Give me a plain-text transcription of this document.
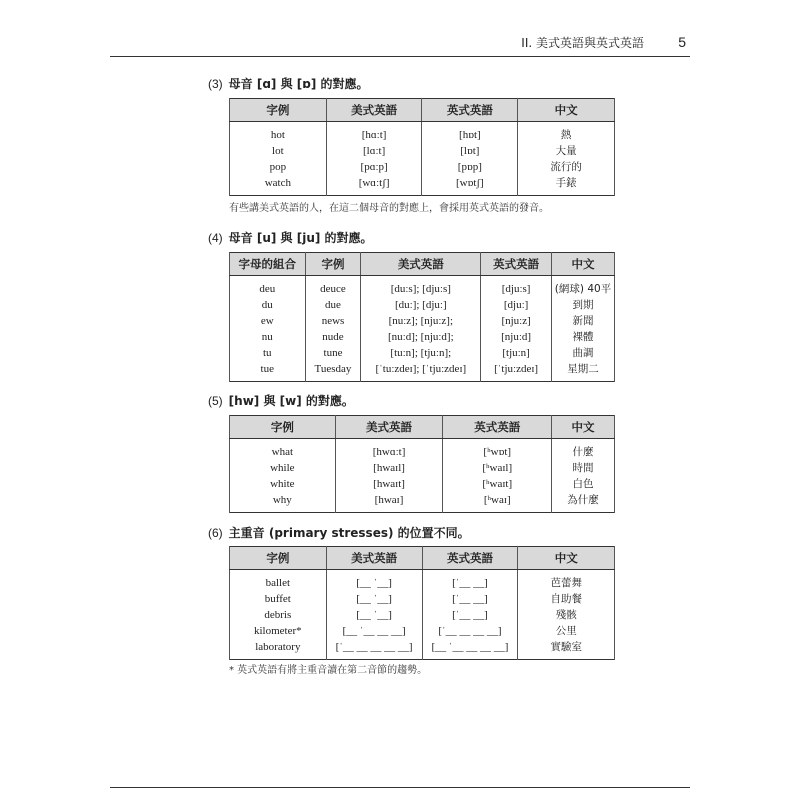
II. 美式英語與英式英語 5
(3) 母音 [ɑ] 與 [ɒ] 的對應。
字例	美式英語	英式英語	中文
hot	[hɑːt]	[hɒt]	熱
lot	[lɑːt]	[lɒt]	大量
pop	[pɑːp]	[pɒp]	流行的
watch	[wɑːtʃ]	[wɒtʃ]	手錶
有些講美式英語的人，在這二個母音的對應上，會採用英式英語的發音。
(4) 母音 [u] 與 [ju] 的對應。
字母的組合	字例	美式英語	英式英語	中文
deu	deuce	[duːs]; [djuːs]	[djuːs]	(網球) 40平
du	due	[duː]; [djuː]	[djuː]	到期
ew	news	[nuːz]; [njuːz];	[njuːz]	新聞
nu	nude	[nuːd]; [njuːd];	[njuːd]	裸體
tu	tune	[tuːn]; [tjuːn];	[tjuːn]	曲調
tue	Tuesday	[ˈtuːzdeɪ]; [ˈtjuːzdeɪ]	[ˈtjuːzdeɪ]	星期二
(5) [hw] 與 [w] 的對應。
字例	美式英語	英式英語	中文
what	[hwɑːt]	[ʰwɒt]	什麼
while	[hwaɪl]	[ʰwaɪl]	時間
white	[hwaɪt]	[ʰwaɪt]	白色
why	[hwaɪ]	[ʰwaɪ]	為什麼
(6) 主重音 (primary stresses) 的位置不同。
字例	美式英語	英式英語	中文
ballet	[__ ˈ__]	[ˈ__ __]	芭蕾舞
buffet	[__ ˈ__]	[ˈ__ __]	自助餐
debris	[__ ˈ__]	[ˈ__ __]	殘骸
kilometer*	[__ ˈ__ __ __]	[ˈ__ __ __ __]	公里
laboratory	[ˈ__ __ __ __ __]	[__ ˈ__ __ __ __]	實驗室
* 英式英語有將主重音讀在第二音節的趨勢。
